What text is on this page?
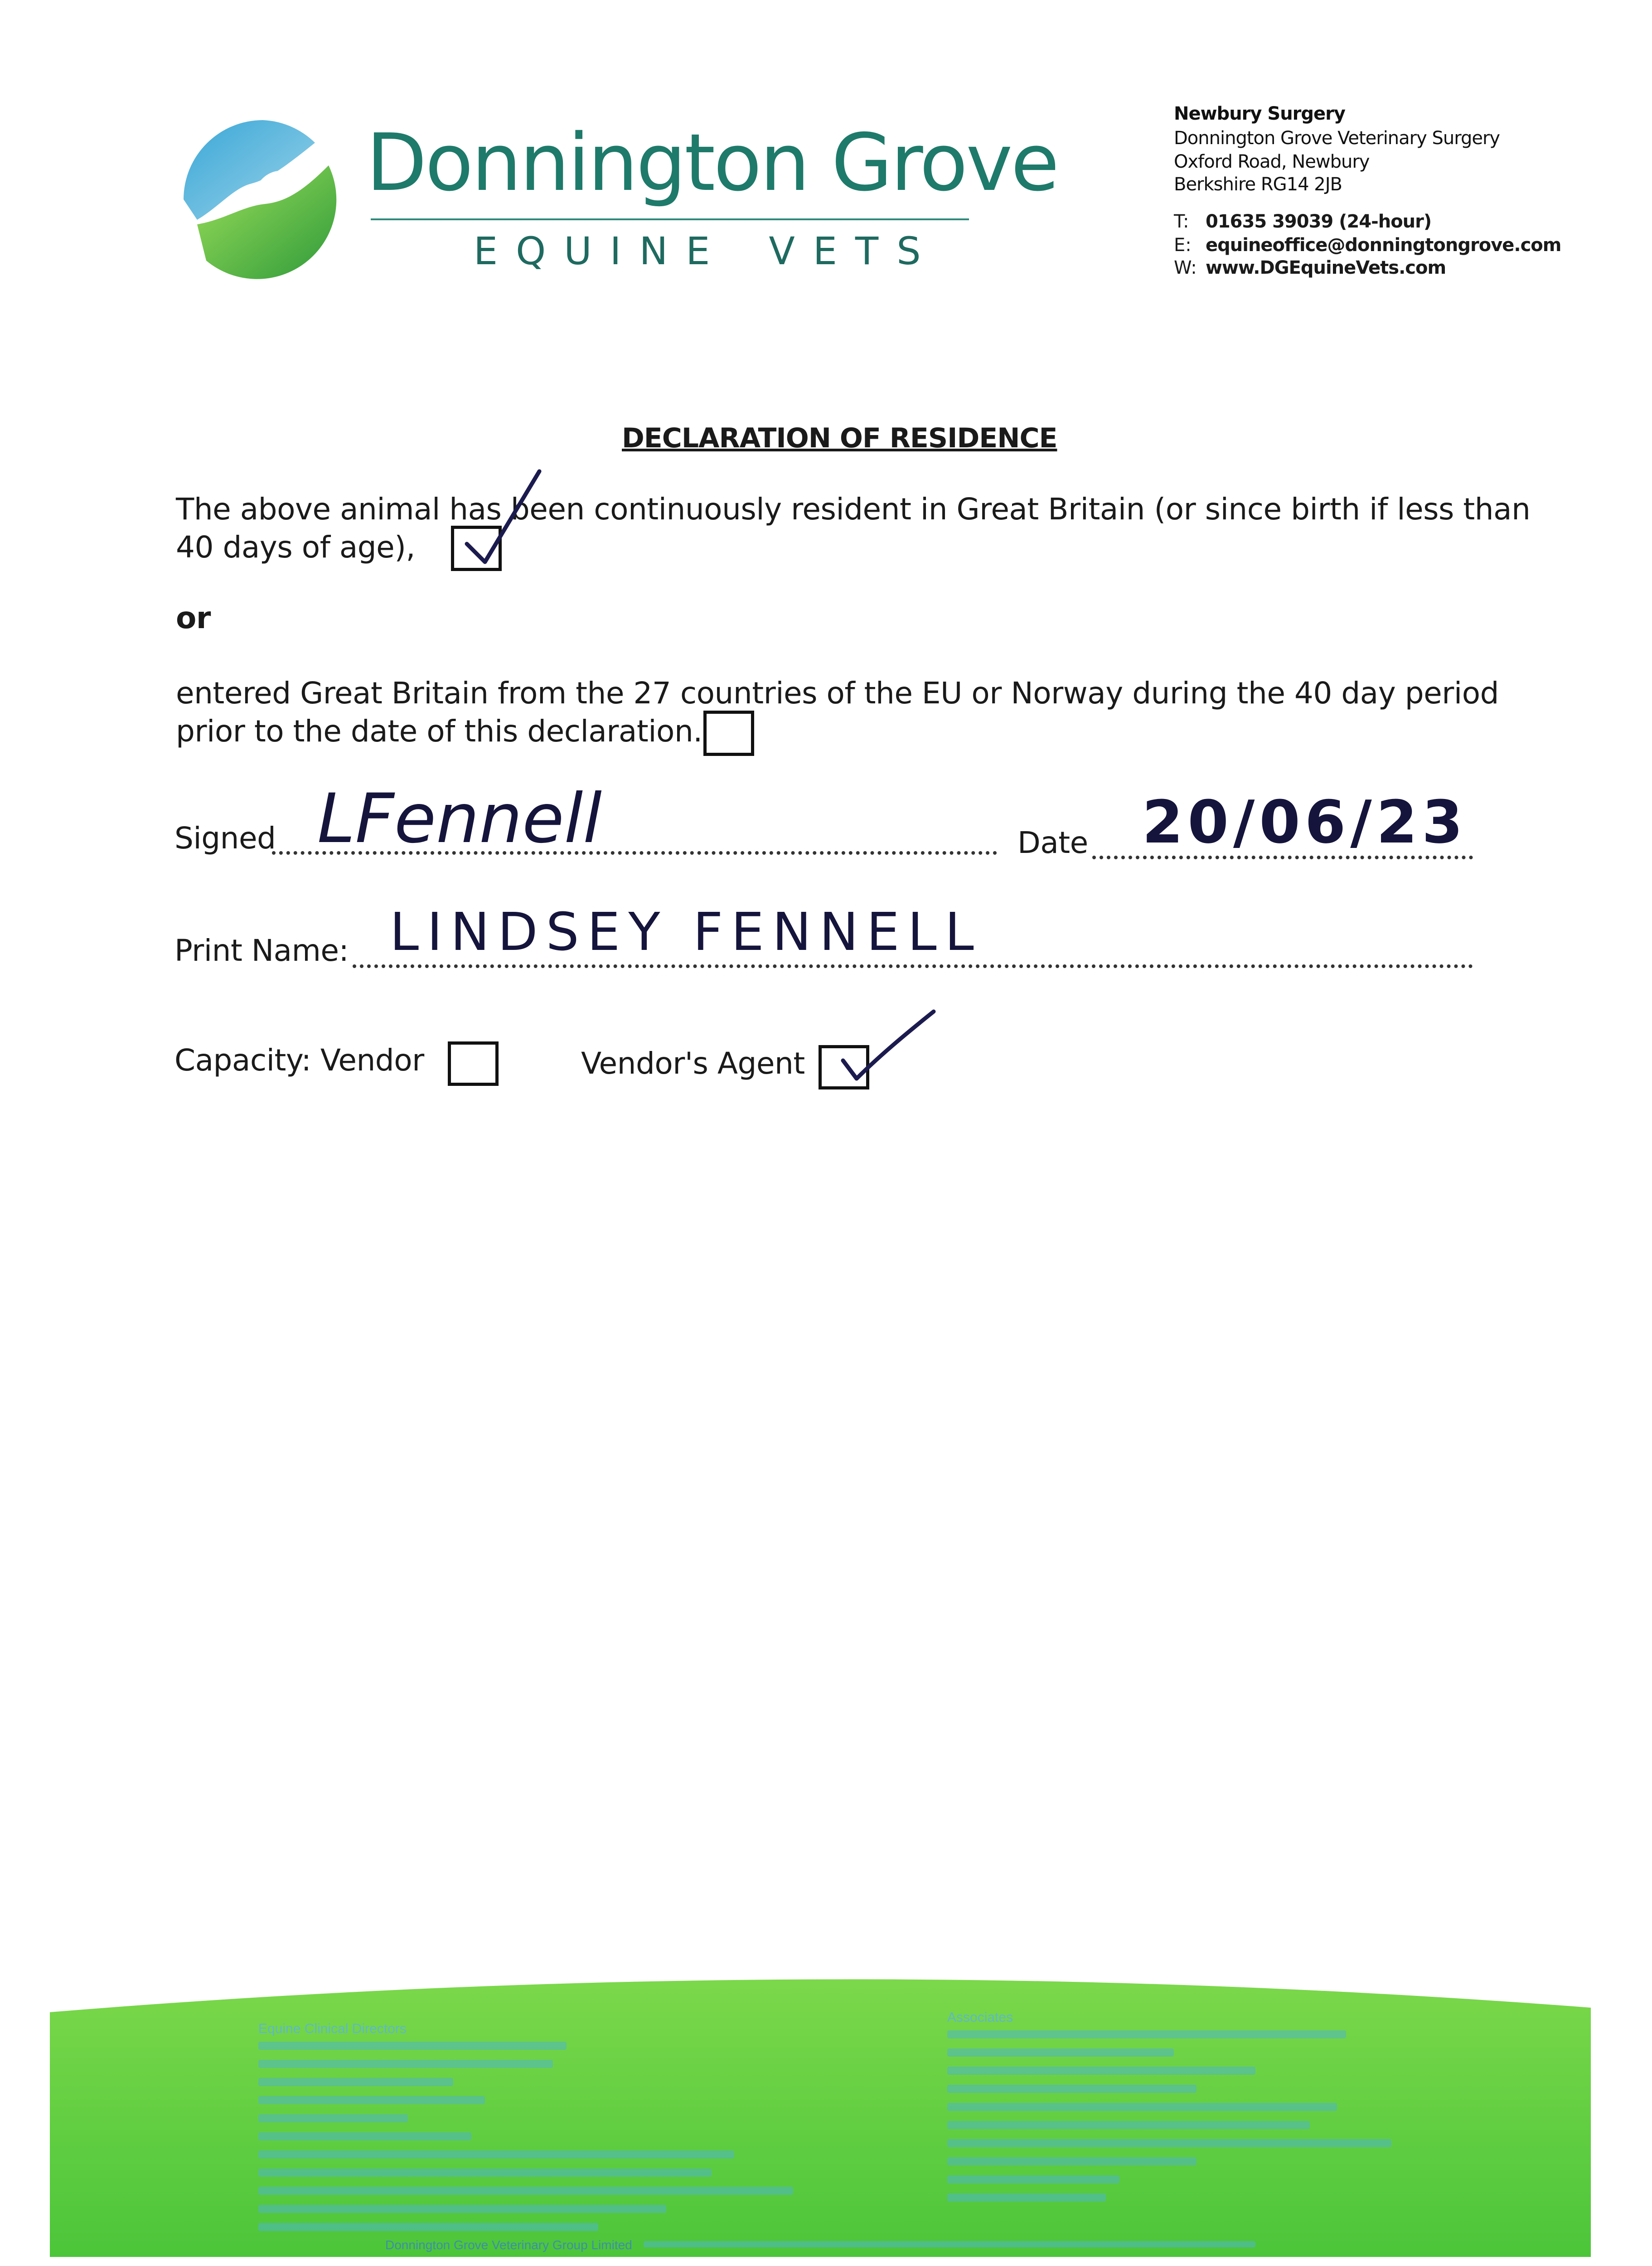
Donnington Grove
EQUINE VETS
Newbury Surgery
Donnington Grove Veterinary Surgery
Oxford Road, Newbury
Berkshire RG14 2JB
T: 01635 39039 (24-hour)
E: equineoffice@donningtongrove.com
W: www.DGEquineVets.com
DECLARATION OF RESIDENCE
The above animal has been continuously resident in Great Britain (or since birth if less than
40 days of age),
or
entered Great Britain from the 27 countries of the EU or Norway during the 40 day period
prior to the date of this declaration.
Signed LFennell	Date 20/06/23
Print Name: LINDSEY FENNELL
Capacity: Vendor	Vendor's Agent
Equine Clinical Directors
Associates
Donnington Grove Veterinary Group Limited
